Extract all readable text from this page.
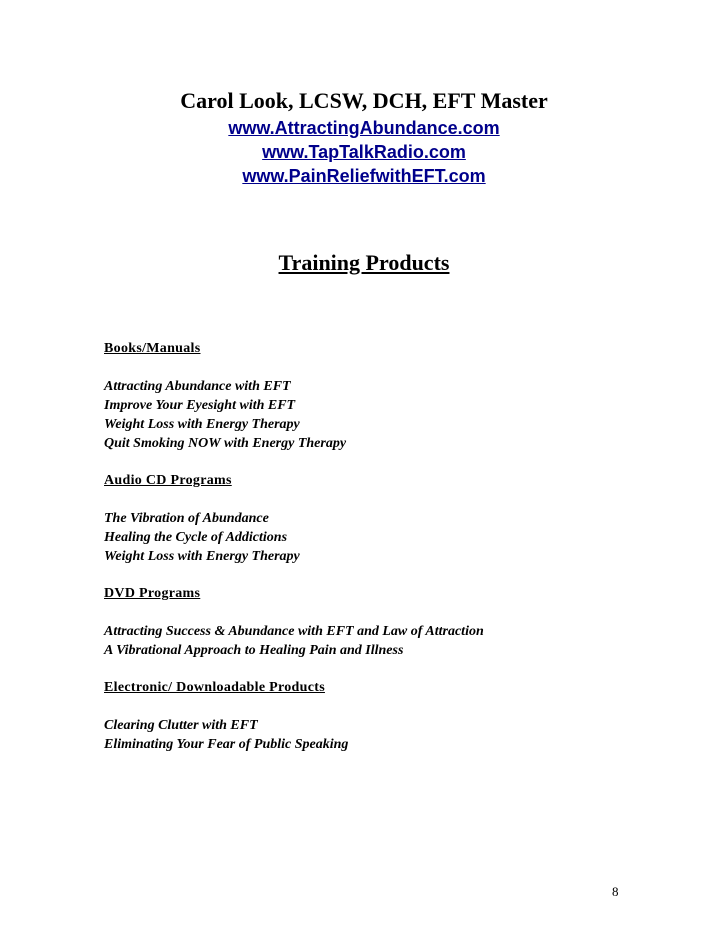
Carol Look, LCSW, DCH, EFT Master
www.AttractingAbundance.com
www.TapTalkRadio.com
www.PainReliefwithEFT.com
Training Products
Books/Manuals
Attracting Abundance with EFT
Improve Your Eyesight with EFT
Weight Loss with Energy Therapy
Quit Smoking NOW with Energy Therapy
Audio CD Programs
The Vibration of Abundance
Healing the Cycle of Addictions
Weight Loss with Energy Therapy
DVD Programs
Attracting Success & Abundance with EFT and Law of Attraction
A Vibrational Approach to Healing Pain and Illness
Electronic/ Downloadable Products
Clearing Clutter with EFT
Eliminating Your Fear of Public Speaking
8
